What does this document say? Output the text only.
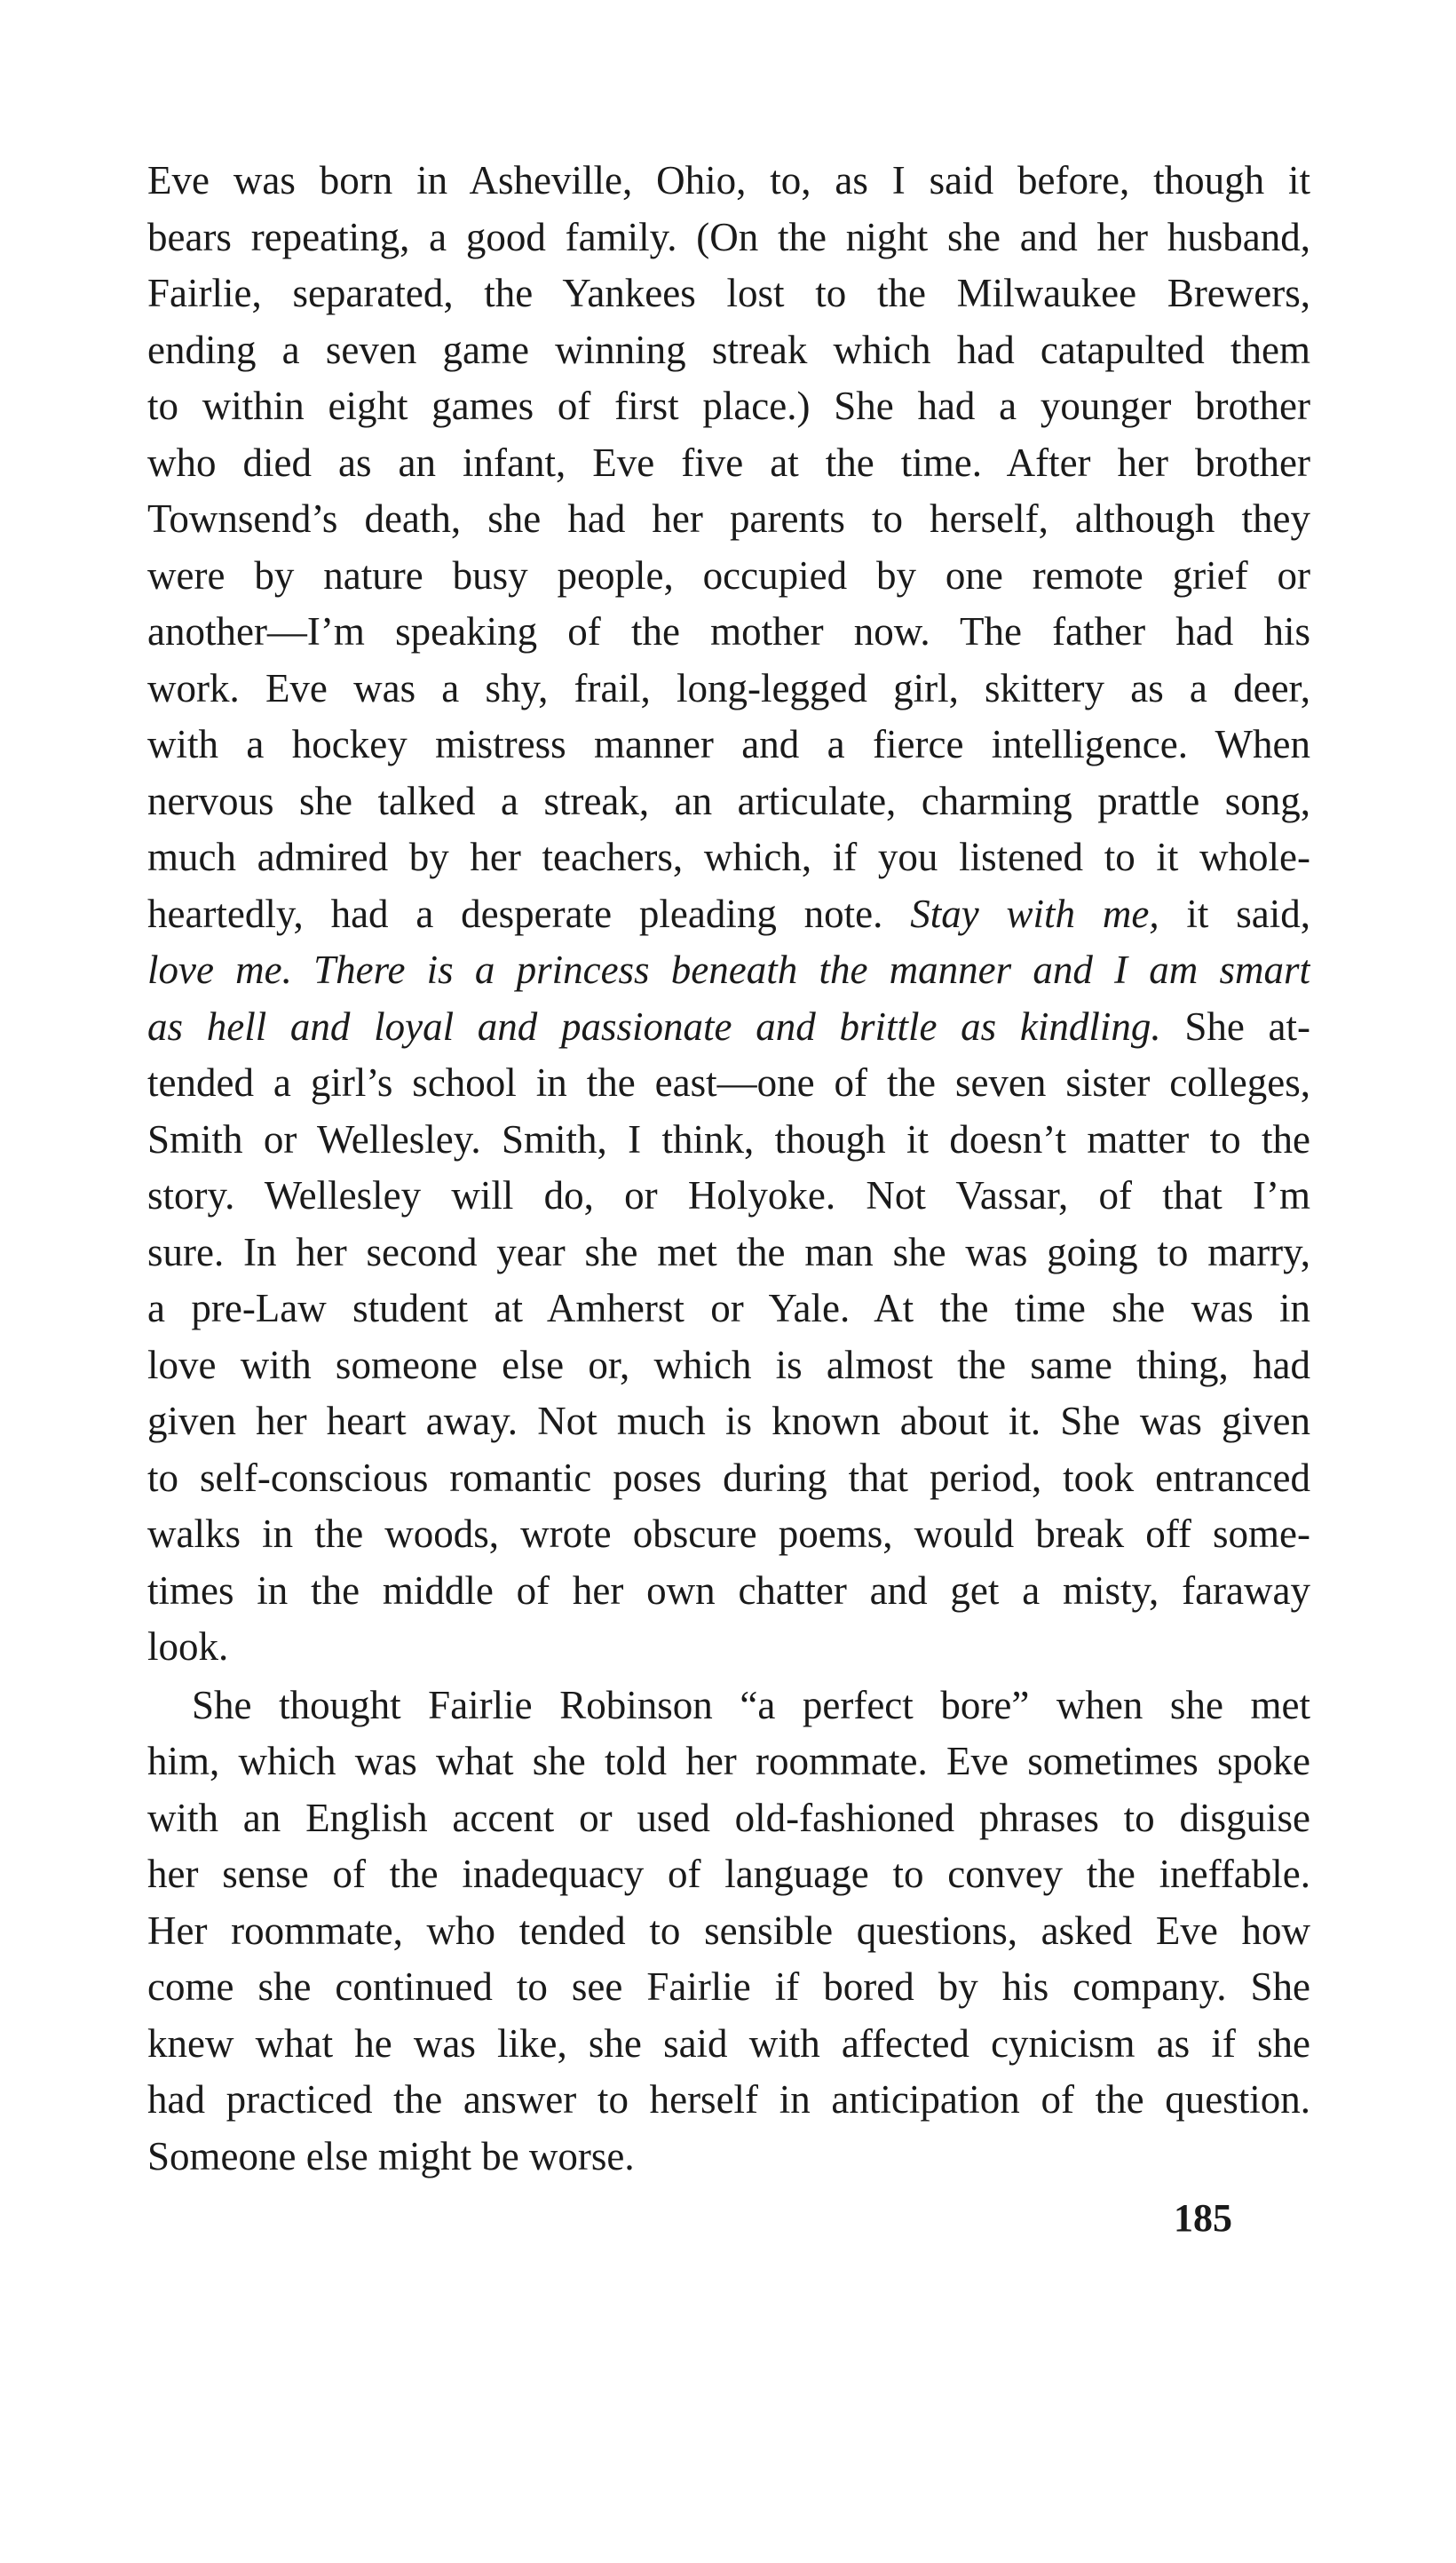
Eve was born in Asheville, Ohio, to, as I said before, though it
bears repeating, a good family. (On the night she and her husband,
Fairlie, separated, the Yankees lost to the Milwaukee Brewers,
ending a seven game winning streak which had catapulted them
to within eight games of first place.) She had a younger brother
who died as an infant, Eve five at the time. After her brother
Townsend’s death, she had her parents to herself, although they
were by nature busy people, occupied by one remote grief or
another—I’m speaking of the mother now. The father had his
work. Eve was a shy, frail, long-legged girl, skittery as a deer,
with a hockey mistress manner and a fierce intelligence. When
nervous she talked a streak, an articulate, charming prattle song,
much admired by her teachers, which, if you listened to it whole-
heartedly, had a desperate pleading note. Stay with me, it said,
love me. There is a princess beneath the manner and I am smart
as hell and loyal and passionate and brittle as kindling. She at-
tended a girl’s school in the east—one of the seven sister colleges,
Smith or Wellesley. Smith, I think, though it doesn’t matter to the
story. Wellesley will do, or Holyoke. Not Vassar, of that I’m
sure. In her second year she met the man she was going to marry,
a pre-Law student at Amherst or Yale. At the time she was in
love with someone else or, which is almost the same thing, had
given her heart away. Not much is known about it. She was given
to self-conscious romantic poses during that period, took entranced
walks in the woods, wrote obscure poems, would break off some-
times in the middle of her own chatter and get a misty, faraway
look.
She thought Fairlie Robinson “a perfect bore” when she met
him, which was what she told her roommate. Eve sometimes spoke
with an English accent or used old-fashioned phrases to disguise
her sense of the inadequacy of language to convey the ineffable.
Her roommate, who tended to sensible questions, asked Eve how
come she continued to see Fairlie if bored by his company. She
knew what he was like, she said with affected cynicism as if she
had practiced the answer to herself in anticipation of the question.
Someone else might be worse.
185
